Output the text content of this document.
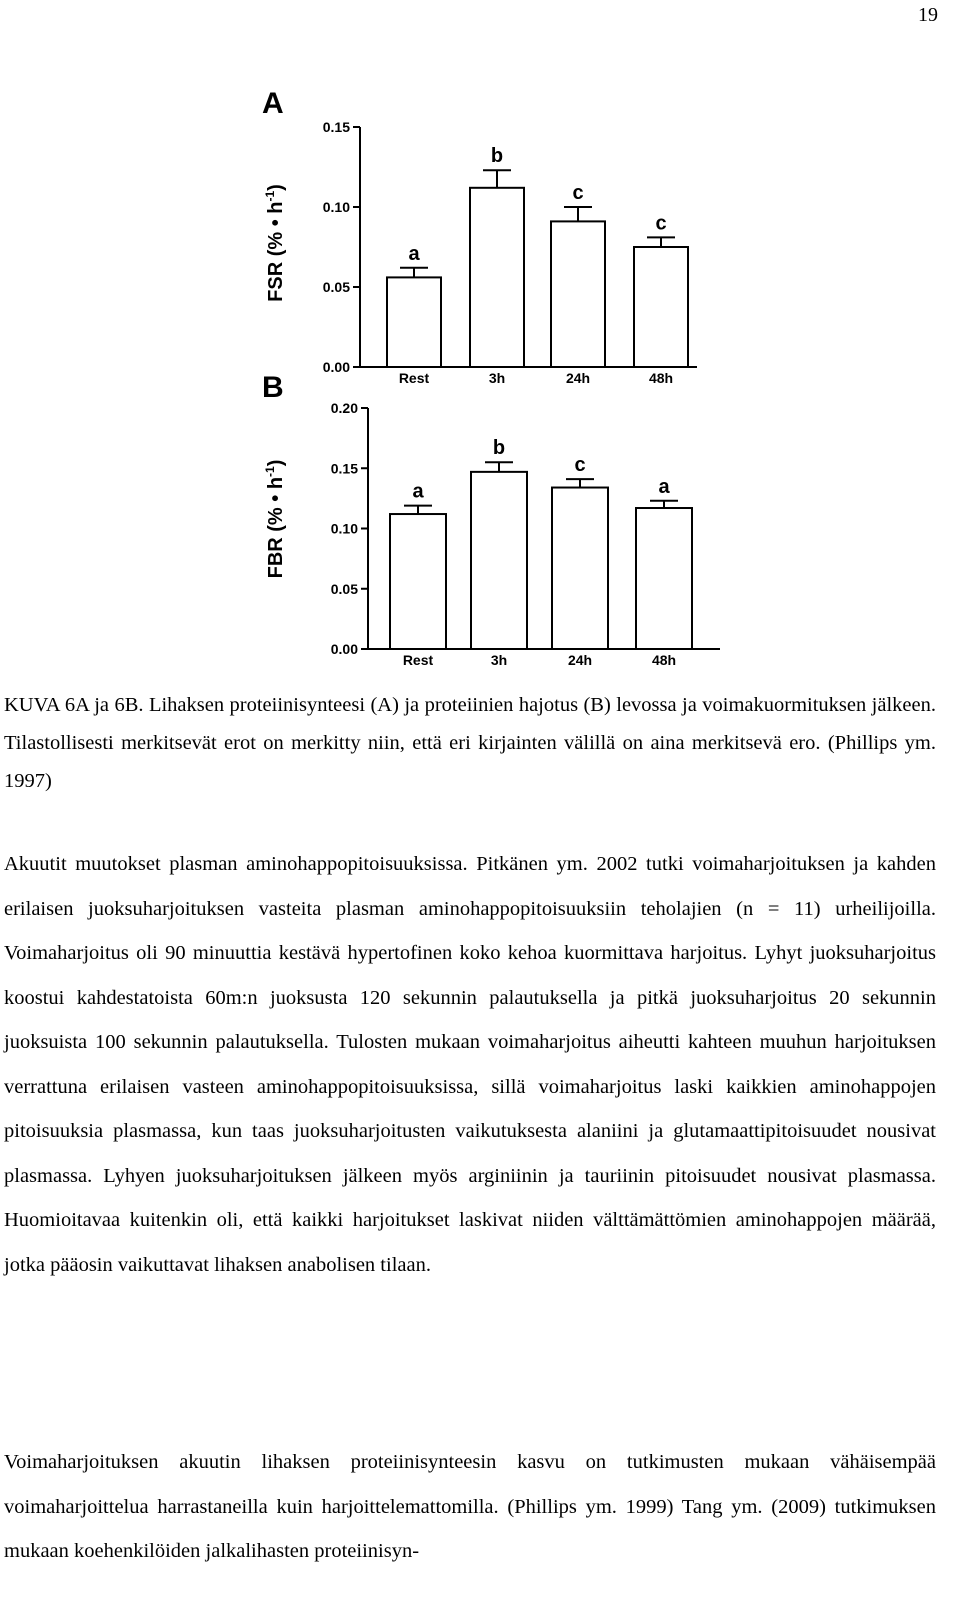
19
A
0.00
0.05
0.10
0.15
FSR (% • $h^{-1}$)
a
Rest
b
3h
c
24h
c
48h
B
0.00
0.05
0.10
0.15
0.20
FBR (% • $h^{-1}$)
a
Rest
b
3h
c
24h
a
48h

KUVA 6A ja 6B. Lihaksen proteiinisynteesi (A) ja proteiinien hajotus (B) levossa ja voimakuormituksen jälkeen. Tilastollisesti merkitsevät erot on merkitty niin, että eri kirjainten välillä on aina merkitsevä ero. (Phillips ym. 1997)

Akuutit muutokset plasman aminohappopitoisuuksissa. Pitkänen ym. 2002 tutki voimaharjoituksen ja kahden erilaisen juoksuharjoituksen vasteita plasman aminohappopitoisuuksiin teholajien (n = 11) urheilijoilla. Voimaharjoitus oli 90 minuuttia kestävä hypertofinen koko kehoa kuormittava harjoitus. Lyhyt juoksuharjoitus koostui kahdestatoista 60m:n juoksusta 120 sekunnin palautuksella ja pitkä juoksuharjoitus 20 sekunnin juoksuista 100 sekunnin palautuksella. Tulosten mukaan voimaharjoitus aiheutti kahteen muuhun harjoituksen verrattuna erilaisen vasteen aminohappopitoisuuksissa, sillä voimaharjoitus laski kaikkien aminohappojen pitoisuuksia plasmassa, kun taas juoksuharjoitusten vaikutuksesta alaniini ja glutamaattipitoisuudet nousivat plasmassa. Lyhyen juoksuharjoituksen jälkeen myös arginiinin ja tauriinin pitoisuudet nousivat plasmassa. Huomioitavaa kuitenkin oli, että kaikki harjoitukset laskivat niiden välttämättömien aminohappojen määrää, jotka pääosin vaikuttavat lihaksen anabolisen tilaan.

Voimaharjoituksen akuutin lihaksen proteiinisynteesin kasvu on tutkimusten mukaan vähäisempää voimaharjoittelua harrastaneilla kuin harjoittelemattomilla. (Phillips ym. 1999) Tang ym. (2009) tutkimuksen mukaan koehenkilöiden jalkalihasten proteiinisyn-
